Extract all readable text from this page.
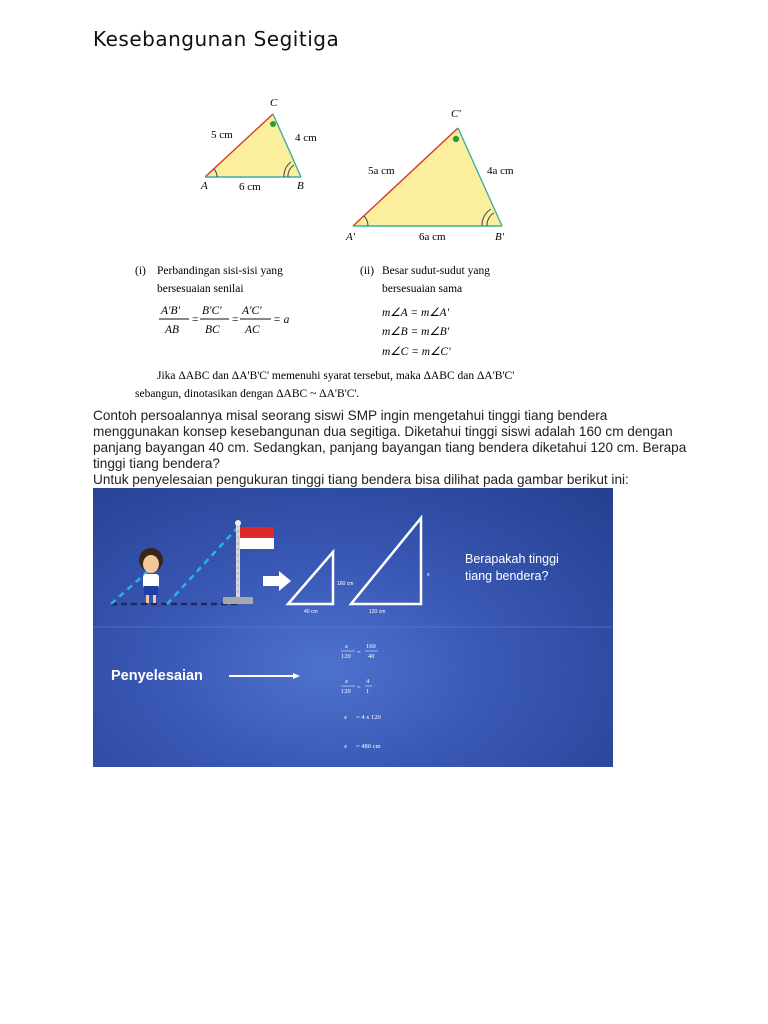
Kesebangunan Segitiga
C
A	B
5 cm	4 cm
6 cm
C'
A'	B'
5a cm	4a cm
6a cm
(i) Perbandingan sisi-sisi yang
bersesuaian senilai
A'B'
AB
=
B'C'
BC
=
A'C'
AC
= a
(ii) Besar sudut-sudut yang
bersesuaian sama
m∠A = m∠A'
m∠B = m∠B'
m∠C = m∠C'
Jika ΔABC dan ΔA'B'C' memenuhi syarat tersebut, maka ΔABC dan ΔA'B'C'
sebangun, dinotasikan dengan ΔABC ~ ΔA'B'C'.

Contoh persoalannya misal seorang siswi SMP ingin mengetahui tinggi tiang bendera

menggunakan konsep kesebangunan dua segitiga. Diketahui tinggi siswi adalah 160 cm dengan

panjang bayangan 40 cm. Sedangkan, panjang bayangan tiang bendera diketahui 120 cm. Berapa

tinggi tiang bendera?

Untuk penyelesaian pengukuran tinggi tiang bendera bisa dilihat pada gambar berikut ini:

40 cm
160 cm
120 cm
x
Berapakah tinggi
tiang bendera?
Penyelesaian
x
120
=
160
40
x
120
=
4
1
x = 4 x 120
x = 480 cm
